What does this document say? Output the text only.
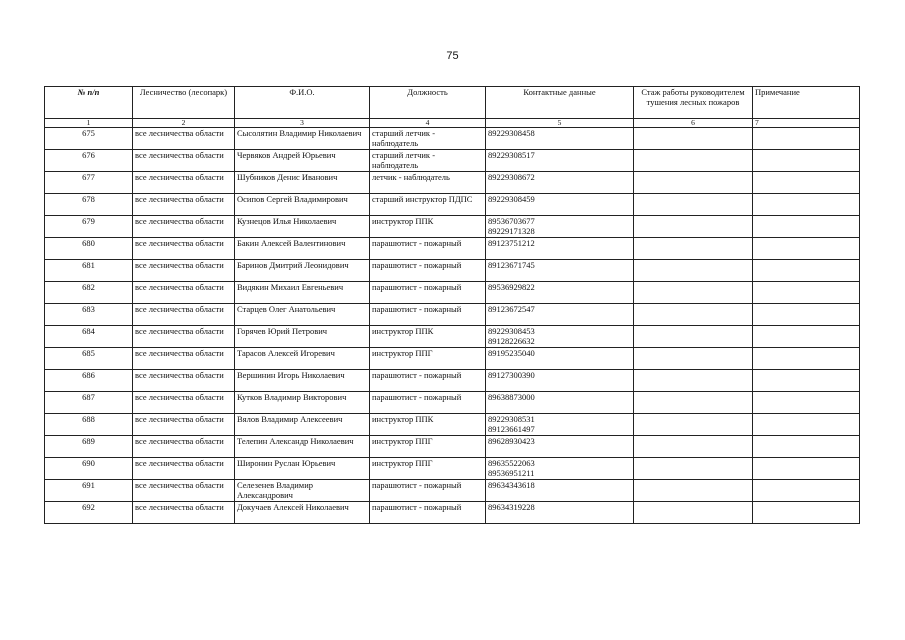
75
№ п/п	Лесничество (лесопарк)	Ф.И.О.	Должность	Контактные данные	Стаж работы руководителем тушения лесных пожаров	Примечание
1	2	3	4	5	6	7
675	все лесничества области	Сысолятин Владимир Николаевич	старший летчик - наблюдатель	89229308458		
676	все лесничества области	Червяков Андрей Юрьевич	старший летчик - наблюдатель	89229308517		
677	все лесничества области	Шубников Денис Иванович	летчик - наблюдатель	89229308672		
678	все лесничества области	Осипов Сергей Владимирович	старший инструктор ПДПС	89229308459		
679	все лесничества области	Кузнецов Илья Николаевич	инструктор ППК	89536703677
89229171328		
680	все лесничества области	Бакин Алексей Валентинович	парашютист - пожарный	89123751212		
681	все лесничества области	Баринов Дмитрий Леонидович	парашютист - пожарный	89123671745		
682	все лесничества области	Видякин Михаил Евгеньевич	парашютист - пожарный	89536929822		
683	все лесничества области	Старцев Олег Анатольевич	парашютист - пожарный	89123672547		
684	все лесничества области	Горячев Юрий Петрович	инструктор ППК	89229308453
89128226632		
685	все лесничества области	Тарасов Алексей Игоревич	инструктор ППГ	89195235040		
686	все лесничества области	Вершинин Игорь Николаевич	парашютист - пожарный	89127300390		
687	все лесничества области	Кутков Владимир Викторович	парашютист - пожарный	89638873000		
688	все лесничества области	Вялов Владимир Алексеевич	инструктор ППК	89229308531
89123661497		
689	все лесничества области	Телепин Александр Николаевич	инструктор ППГ	89628930423		
690	все лесничества области	Широнин Руслан Юрьевич	инструктор ППГ	89635522063
89536951211		
691	все лесничества области	Селезенев Владимир Александрович	парашютист - пожарный	89634343618		
692	все лесничества области	Докучаев Алексей Николаевич	парашютист - пожарный	89634319228		
